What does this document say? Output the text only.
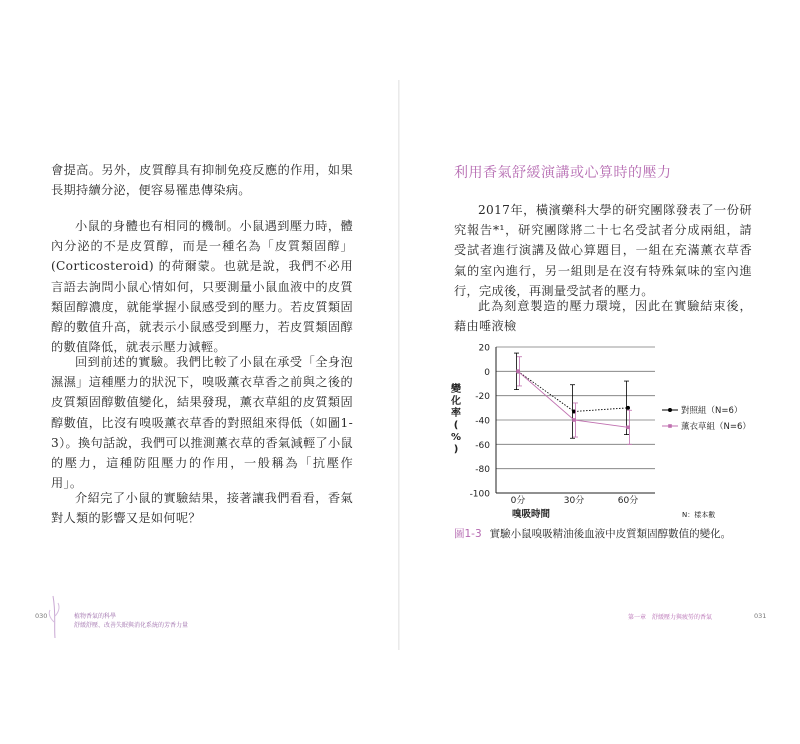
會提高。另外，皮質醇具有抑制免疫反應的作用，如果長期持續分泌，便容易罹患傳染病。

小鼠的身體也有相同的機制。小鼠遇到壓力時，體內分泌的不是皮質醇，而是一種名為「皮質類固醇」(Corticosteroid) 的荷爾蒙。也就是說，我們不必用言語去詢問小鼠心情如何，只要測量小鼠血液中的皮質類固醇濃度，就能掌握小鼠感受到的壓力。若皮質類固醇的數值升高，就表示小鼠感受到壓力，若皮質類固醇的數值降低，就表示壓力減輕。

回到前述的實驗。我們比較了小鼠在承受「全身泡濕濕」這種壓力的狀況下，嗅吸薰衣草香之前與之後的皮質類固醇數值變化，結果發現，薰衣草組的皮質類固醇數值，比沒有嗅吸薰衣草香的對照組來得低（如圖1-3）。換句話說，我們可以推測薰衣草的香氣減輕了小鼠的壓力，這種防阻壓力的作用，一般稱為「抗壓作用」。

介紹完了小鼠的實驗結果，接著讓我們看看，香氣對人類的影響又是如何呢？

030	植物香氣的科學
舒緩舒壓、改善失眠與消化系統的芳香力量
利用香氣舒緩演講或心算時的壓力

2017年，橫濱藥科大學的研究團隊發表了一份研究報告*¹，研究團隊將二十七名受試者分成兩組，請受試者進行演講及做心算題目，一組在充滿薰衣草香氣的室內進行，另一組則是在沒有特殊氣味的室內進行，完成後，再測量受試者的壓力。

此為刻意製造的壓力環境，因此在實驗結束後，藉由唾液檢

20
0
-20
-40
-60
-80
-100
0分	30分	60分
對照組（N=6）
薰衣草組（N=6）
變化率( % )
嗅吸時間	N：樣本數

圖1-3 實驗小鼠嗅吸精油後血液中皮質類固醇數值的變化。

第一章　舒緩壓力與疲勞的香氣	031
